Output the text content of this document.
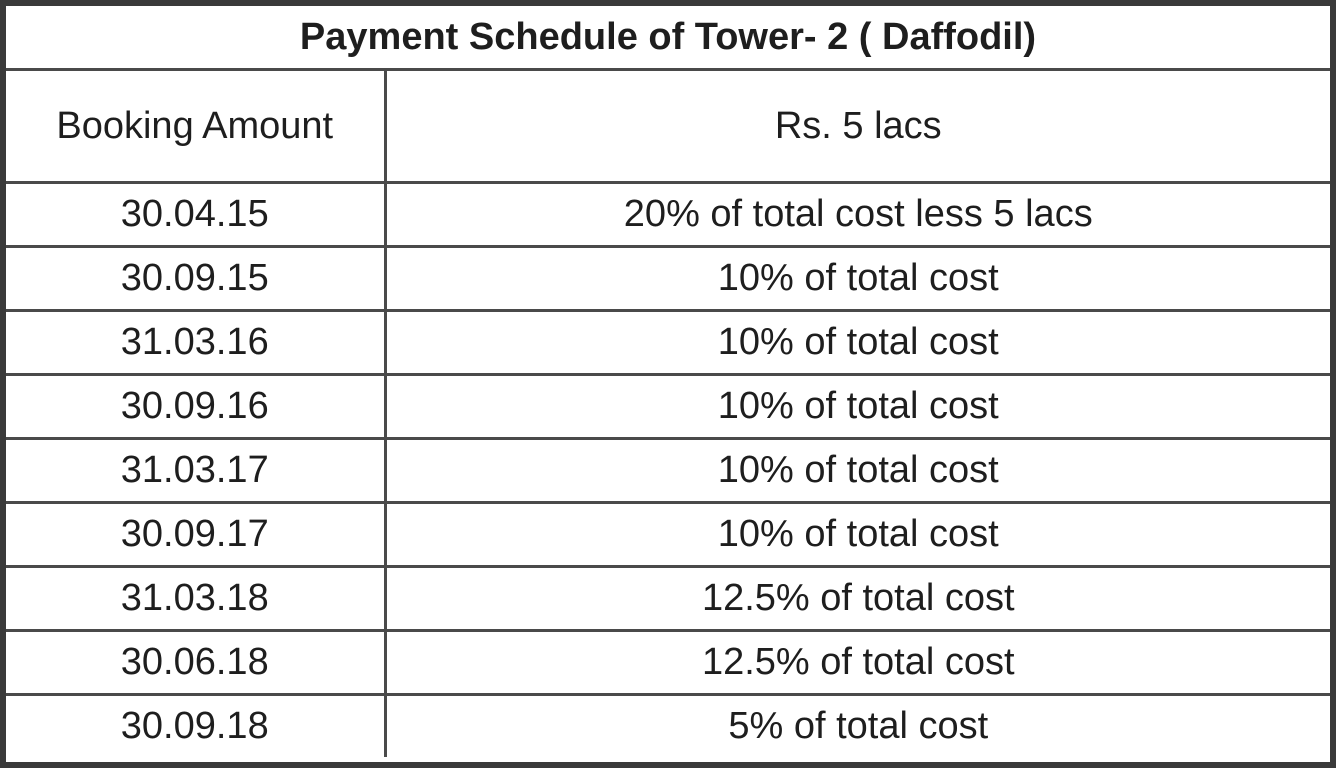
Payment Schedule of Tower- 2 ( Daffodil)	
Booking Amount	Rs. 5 lacs
30.04.15	20% of total cost less 5 lacs
30.09.15	10% of total cost
31.03.16	10% of total cost
30.09.16	10% of total cost
31.03.17	10% of total cost
30.09.17	10% of total cost
31.03.18	12.5% of total cost
30.06.18	12.5% of total cost
30.09.18	5% of total cost
